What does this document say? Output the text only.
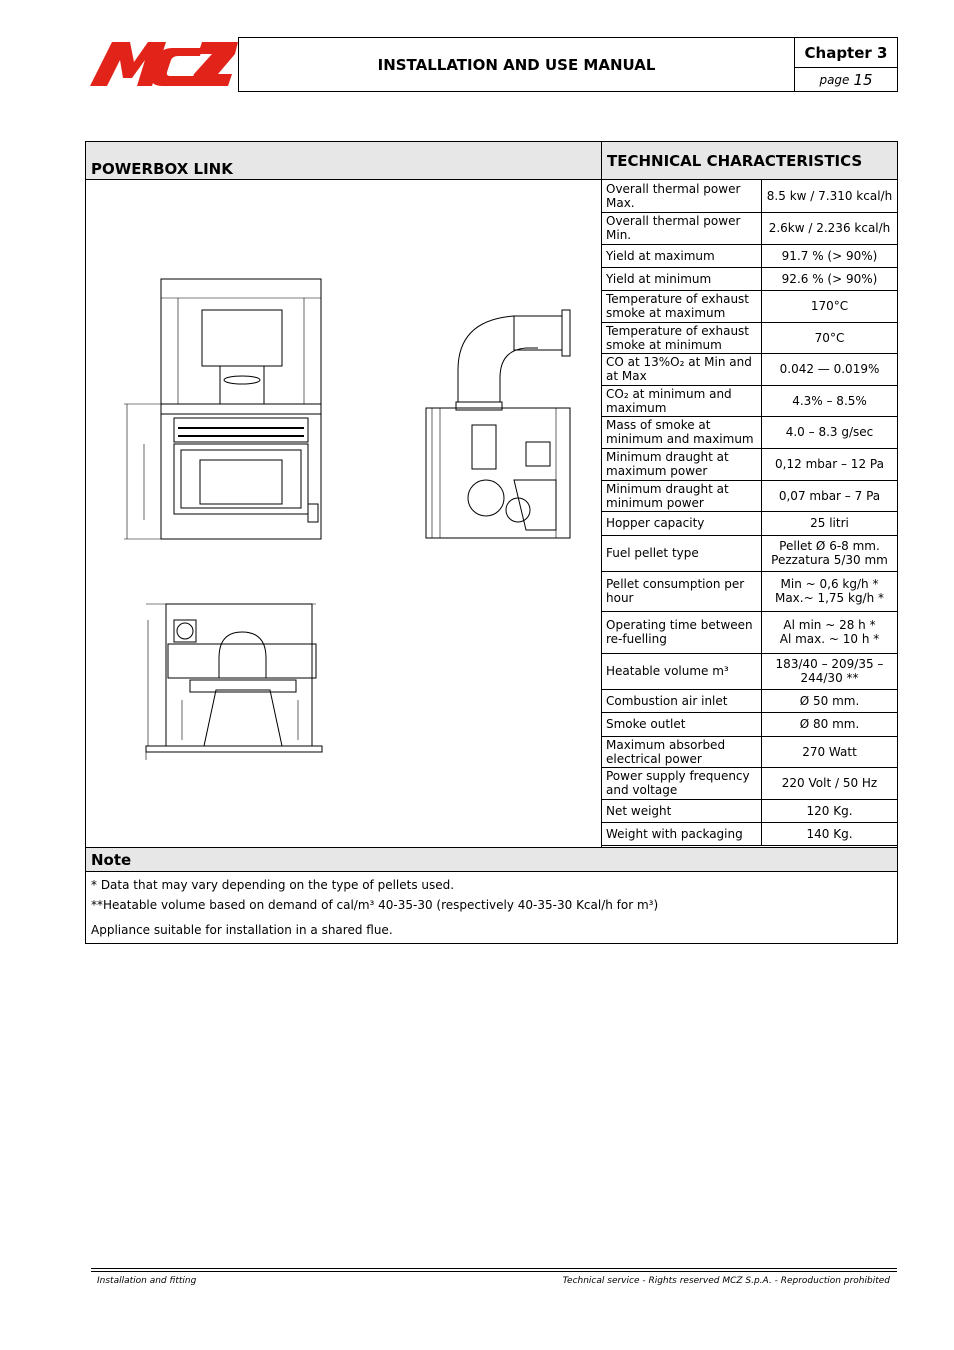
INSTALLATION AND USE MANUAL
Chapter 3
page 15
POWERBOX LINK	TECHNICAL CHARACTERISTICS
Overall thermal power Max.	8.5 kw / 7.310 kcal/h

Overall thermal power Min.	2.6kw / 2.236 kcal/h

Yield at maximum	91.7 % (> 90%)

Yield at minimum	92.6 % (> 90%)

Temperature of exhaust smoke at maximum	170°C

Temperature of exhaust smoke at minimum	70°C

CO at 13%O₂ at Min and at Max	0.042 — 0.019%

CO₂ at minimum and maximum	4.3% – 8.5%

Mass of smoke at minimum and maximum	4.0 – 8.3 g/sec

Minimum draught at maximum power	0,12 mbar – 12 Pa

Minimum draught at minimum power	0,07 mbar – 7 Pa

Hopper capacity	25 litri

Fuel pellet type	Pellet Ø 6-8 mm.
Pezzatura 5/30 mm

Pellet consumption per hour	Min ~ 0,6 kg/h *
Max.~ 1,75 kg/h *

Operating time between re-fuelling	Al min ~ 28 h *
Al max. ~ 10 h *

Heatable volume m³	183/40 – 209/35 –
244/30 **

Combustion air inlet	Ø 50 mm.

Smoke outlet	Ø 80 mm.

Maximum absorbed electrical power	270 Watt

Power supply frequency and voltage	220 Volt / 50 Hz

Net weight	120 Kg.

Weight with packaging	140 Kg.
Note
* Data that may vary depending on the type of pellets used.
**Heatable volume based on demand of cal/m³ 40-35-30 (respectively 40-35-30 Kcal/h for m³)
Appliance suitable for installation in a shared flue.
Installation and fitting	Technical service - Rights reserved MCZ S.p.A. - Reproduction prohibited
